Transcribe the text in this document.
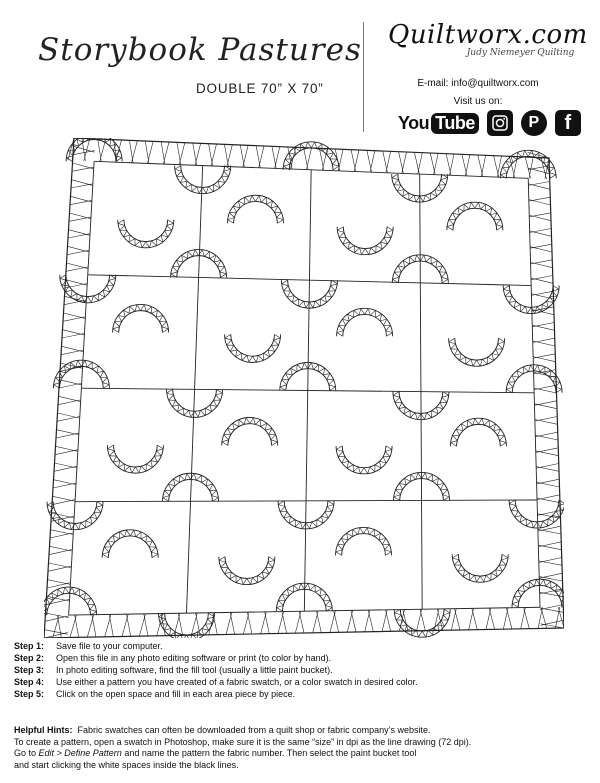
Storybook Pastures
DOUBLE 70” X 70”
Quiltworx.com
Judy Niemeyer Quilting
E-mail: info@quiltworx.com
Visit us on:
You Tube	P	f
Step 1: Save file to your computer.
Step 2: Open this file in any photo editing software or print (to color by hand).
Step 3: In photo editing software, find the fill tool (usually a little paint bucket).
Step 4: Use either a pattern you have created of a fabric swatch, or a color swatch in desired color.
Step 5: Click on the open space and fill in each area piece by piece.
Helpful Hints: Fabric swatches can often be downloaded from a quilt shop or fabric company’s website.
To create a pattern, open a swatch in Photoshop, make sure it is the same “size” in dpi as the line drawing (72 dpi).
Go to Edit > Define Pattern and name the pattern the fabric number. Then select the paint bucket tool
and start clicking the white spaces inside the black lines.
